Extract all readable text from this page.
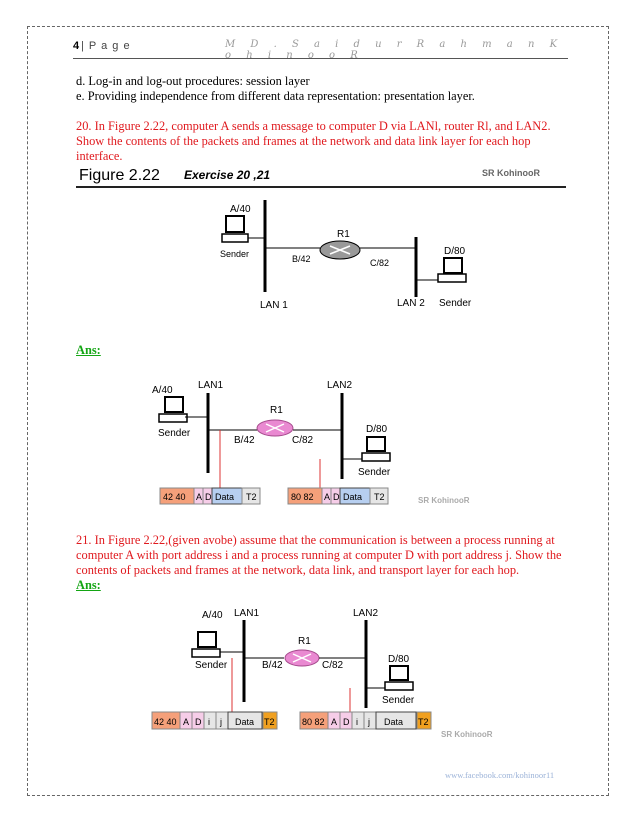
4 | P a g e	M D . S a i d u r R a h m a n K o h i n o o R
d. Log-in and log-out procedures: session layer
e. Providing independence from different data representation: presentation layer.
20. In Figure 2.22, computer A sends a message to computer D via LANl, router Rl, and LAN2. Show the contents of the packets and frames at the network and data link layer for each hop interface.
Figure 2.22 Exercise 20 ,21	SR KohinooR
A/40
Sender
R1
B/42	C/82
D/80
LAN 1	LAN 2 Sender
Ans:
A/40	LAN1	LAN2
Sender
R1
B/42	C/82
D/80
Sender
42 40 A D Data T2	80 82 A D Data T2	SR KohinooR
21. In Figure 2.22,(given avobe) assume that the communication is between a process running at computer A with port address i and a process running at computer D with port address j. Show the contents of packets and frames at the network, data link, and transport layer for each hop.
Ans:
A/40 LAN1	LAN2
Sender
R1
B/42	C/82
D/80
Sender
42 40 A D i j Data T2	80 82 A D i j Data T2
SR KohinooR
www.facebook.com/kohinoor11
